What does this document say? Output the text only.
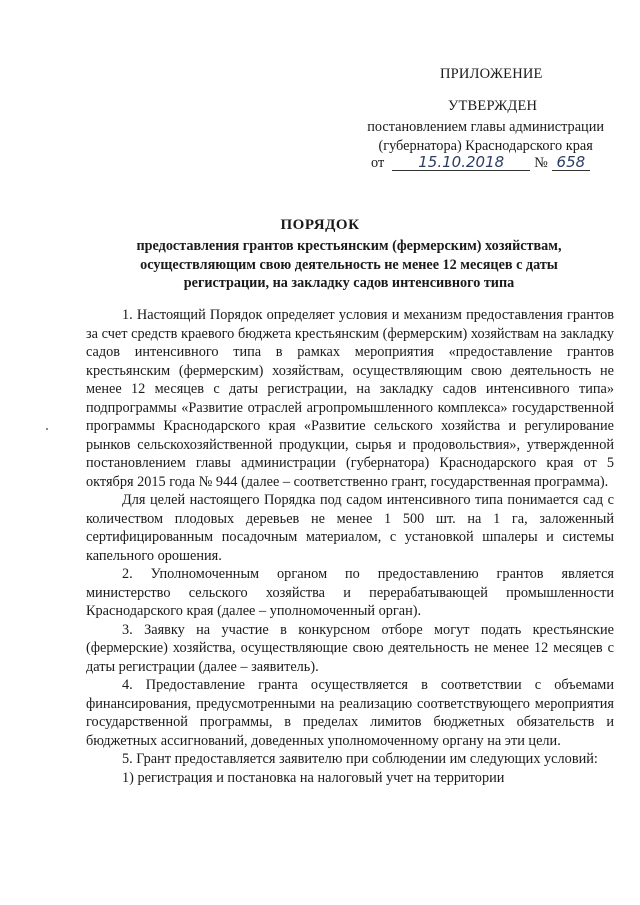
ПРИЛОЖЕНИЕ
УТВЕРЖДЕН
постановлением главы администрации
(губернатора) Краснодарского края
от 15.10.2018 № 658
ПОРЯДОК
предоставления грантов крестьянским (фермерским) хозяйствам, осуществляющим свою деятельность не менее 12 месяцев с даты регистрации, на закладку садов интенсивного типа

1. Настоящий Порядок определяет условия и механизм предоставления грантов за счет средств краевого бюджета крестьянским (фермерским) хозяйствам на закладку садов интенсивного типа в рамках мероприятия «предоставление грантов крестьянским (фермерским) хозяйствам, осуществляющим свою деятельность не менее 12 месяцев с даты регистрации, на закладку садов интенсивного типа» подпрограммы «Развитие отраслей агропромышленного комплекса» государственной программы Краснодарского края «Развитие сельского хозяйства и регулирование рынков сельскохозяйственной продукции, сырья и продовольствия», утвержденной постановлением главы администрации (губернатора) Краснодарского края от 5 октября 2015 года № 944 (далее – соответственно грант, государственная программа).

Для целей настоящего Порядка под садом интенсивного типа понимается сад с количеством плодовых деревьев не менее 1 500 шт. на 1 га, заложенный сертифицированным посадочным материалом, с установкой шпалеры и системы капельного орошения.

2. Уполномоченным органом по предоставлению грантов является министерство сельского хозяйства и перерабатывающей промышленности Краснодарского края (далее – уполномоченный орган).

3. Заявку на участие в конкурсном отборе могут подать крестьянские (фермерские) хозяйства, осуществляющие свою деятельность не менее 12 месяцев с даты регистрации (далее – заявитель).

4. Предоставление гранта осуществляется в соответствии с объемами финансирования, предусмотренными на реализацию соответствующего мероприятия государственной программы, в пределах лимитов бюджетных обязательств и бюджетных ассигнований, доведенных уполномоченному органу на эти цели.

5. Грант предоставляется заявителю при соблюдении им следующих условий:

1) регистрация и постановка на налоговый учет на территории
